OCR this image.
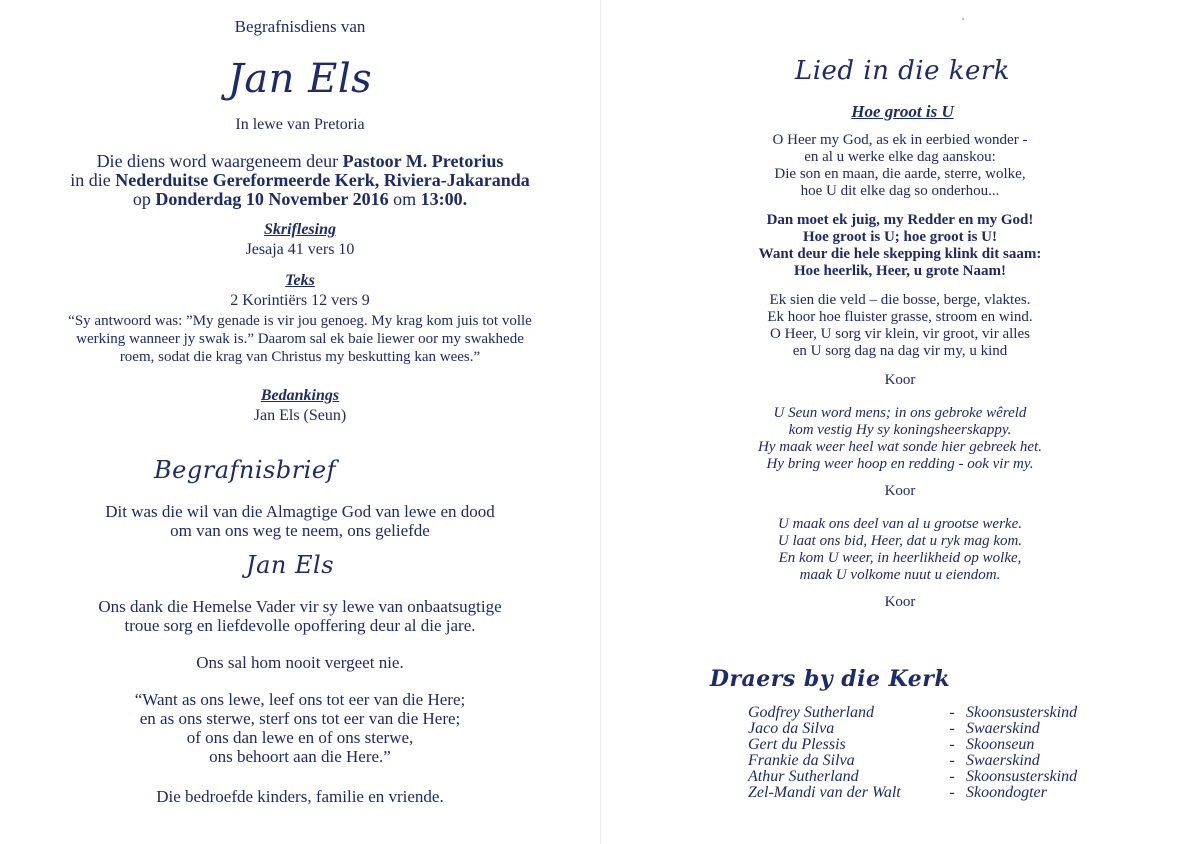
Begrafnisdiens van

Jan Els

In lewe van Pretoria

Die diens word waargeneem deur Pastoor M. Pretorius
in die Nederduitse Gereformeerde Kerk, Riviera-Jakaranda
op Donderdag 10 November 2016 om 13:00.

Skriflesing

Jesaja 41 vers 10

Teks

2 Korintiërs 12 vers 9

“Sy antwoord was: ”My genade is vir jou genoeg. My krag kom juis tot volle
werking wanneer jy swak is.” Daarom sal ek baie liewer oor my swakhede
roem, sodat die krag van Christus my beskutting kan wees.”

Bedankings

Jan Els (Seun)

Begrafnisbrief

Dit was die wil van die Almagtige God van lewe en dood
om van ons weg te neem, ons geliefde

Jan Els

Ons dank die Hemelse Vader vir sy lewe van onbaatsugtige
troue sorg en liefdevolle opoffering deur al die jare.

Ons sal hom nooit vergeet nie.

“Want as ons lewe, leef ons tot eer van die Here;
en as ons sterwe, sterf ons tot eer van die Here;
of ons dan lewe en of ons sterwe,
ons behoort aan die Here.”

Die bedroefde kinders, familie en vriende.

Lied in die kerk

Hoe groot is U

O Heer my God, as ek in eerbied wonder -
en al u werke elke dag aanskou:
Die son en maan, die aarde, sterre, wolke,
hoe U dit elke dag so onderhou...

Dan moet ek juig, my Redder en my God!
Hoe groot is U; hoe groot is U!
Want deur die hele skepping klink dit saam:
Hoe heerlik, Heer, u grote Naam!

Ek sien die veld – die bosse, berge, vlaktes.
Ek hoor hoe fluister grasse, stroom en wind.
O Heer, U sorg vir klein, vir groot, vir alles
en U sorg dag na dag vir my, u kind

Koor

U Seun word mens; in ons gebroke wêreld
kom vestig Hy sy koningsheerskappy.
Hy maak weer heel wat sonde hier gebreek het.
Hy bring weer hoop en redding - ook vir my.

Koor

U maak ons deel van al u grootse werke.
U laat ons bid, Heer, dat u ryk mag kom.
En kom U weer, in heerlikheid op wolke,
maak U volkome nuut u eiendom.

Koor

Draers by die Kerk

Godfrey Sutherland	- Skoonsusterskind
Jaco da Silva	- Swaerskind
Gert du Plessis	- Skoonseun
Frankie da Silva	- Swaerskind
Athur Sutherland	- Skoonsusterskind
Zel-Mandi van der Walt	- Skoondogter
